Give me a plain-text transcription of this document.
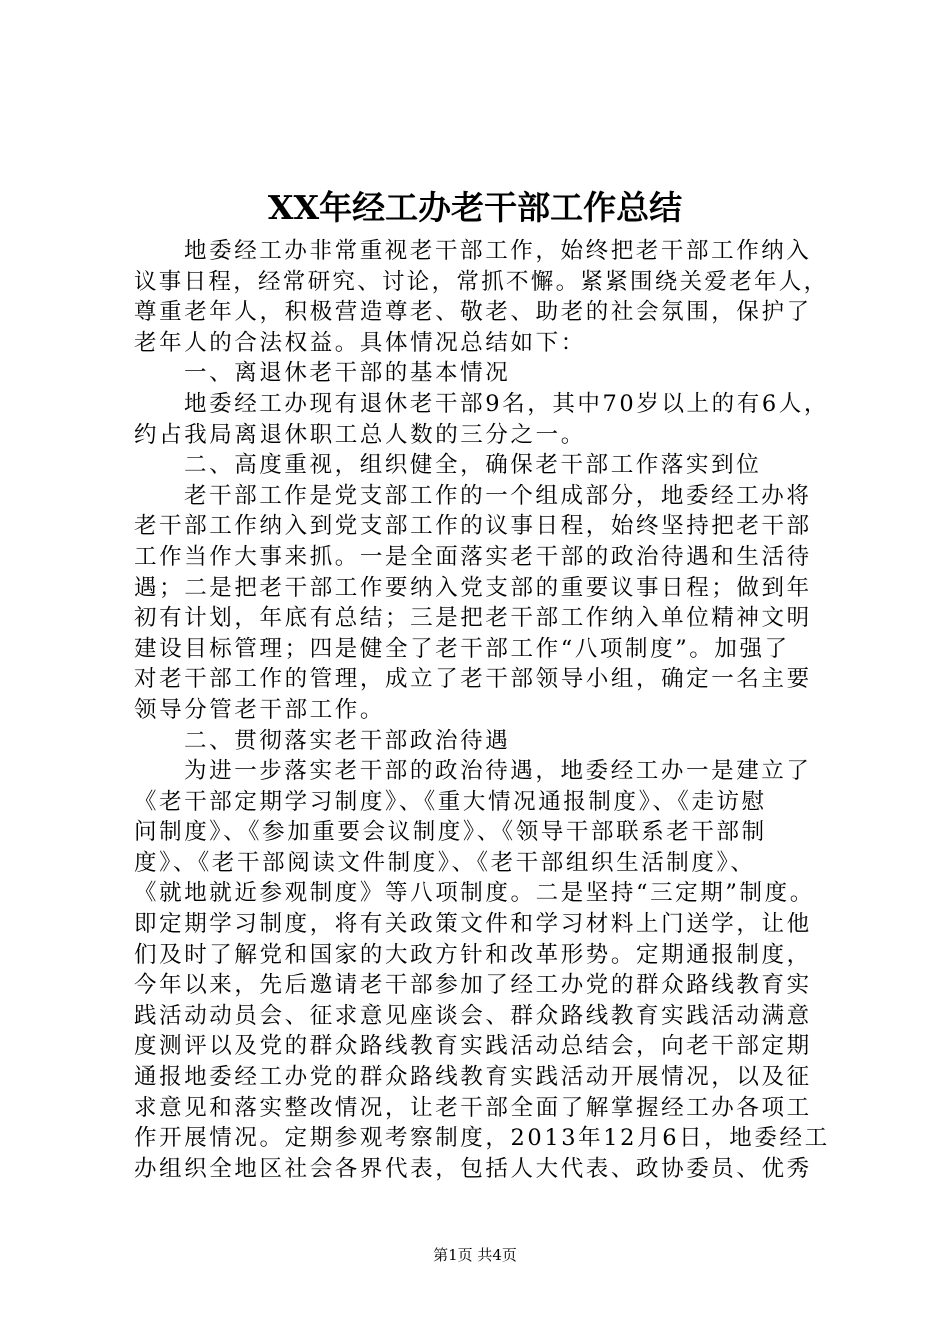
XX年经工办老干部工作总结
地委经工办非常重视老干部工作，始终把老干部工作纳入
议事日程，经常研究、讨论，常抓不懈。紧紧围绕关爱老年人，
尊重老年人，积极营造尊老、敬老、助老的社会氛围，保护了
老年人的合法权益。具体情况总结如下：
一、离退休老干部的基本情况
地委经工办现有退休老干部9名，其中70岁以上的有6人，
约占我局离退休职工总人数的三分之一。
二、高度重视，组织健全，确保老干部工作落实到位
老干部工作是党支部工作的一个组成部分，地委经工办将
老干部工作纳入到党支部工作的议事日程，始终坚持把老干部
工作当作大事来抓。一是全面落实老干部的政治待遇和生活待
遇；二是把老干部工作要纳入党支部的重要议事日程；做到年
初有计划，年底有总结；三是把老干部工作纳入单位精神文明
建设目标管理；四是健全了老干部工作“八项制度”。加强了
对老干部工作的管理，成立了老干部领导小组，确定一名主要
领导分管老干部工作。
二、贯彻落实老干部政治待遇
为进一步落实老干部的政治待遇，地委经工办一是建立了
《老干部定期学习制度》、《重大情况通报制度》、《走访慰
问制度》、《参加重要会议制度》、《领导干部联系老干部制
度》、《老干部阅读文件制度》、《老干部组织生活制度》、
《就地就近参观制度》等八项制度。二是坚持“三定期”制度。
即定期学习制度，将有关政策文件和学习材料上门送学，让他
们及时了解党和国家的大政方针和改革形势。定期通报制度，
今年以来，先后邀请老干部参加了经工办党的群众路线教育实
践活动动员会、征求意见座谈会、群众路线教育实践活动满意
度测评以及党的群众路线教育实践活动总结会，向老干部定期
通报地委经工办党的群众路线教育实践活动开展情况，以及征
求意见和落实整改情况，让老干部全面了解掌握经工办各项工
作开展情况。定期参观考察制度，2013年12月6日，地委经工
办组织全地区社会各界代表，包括人大代表、政协委员、优秀
第1页 共4页
